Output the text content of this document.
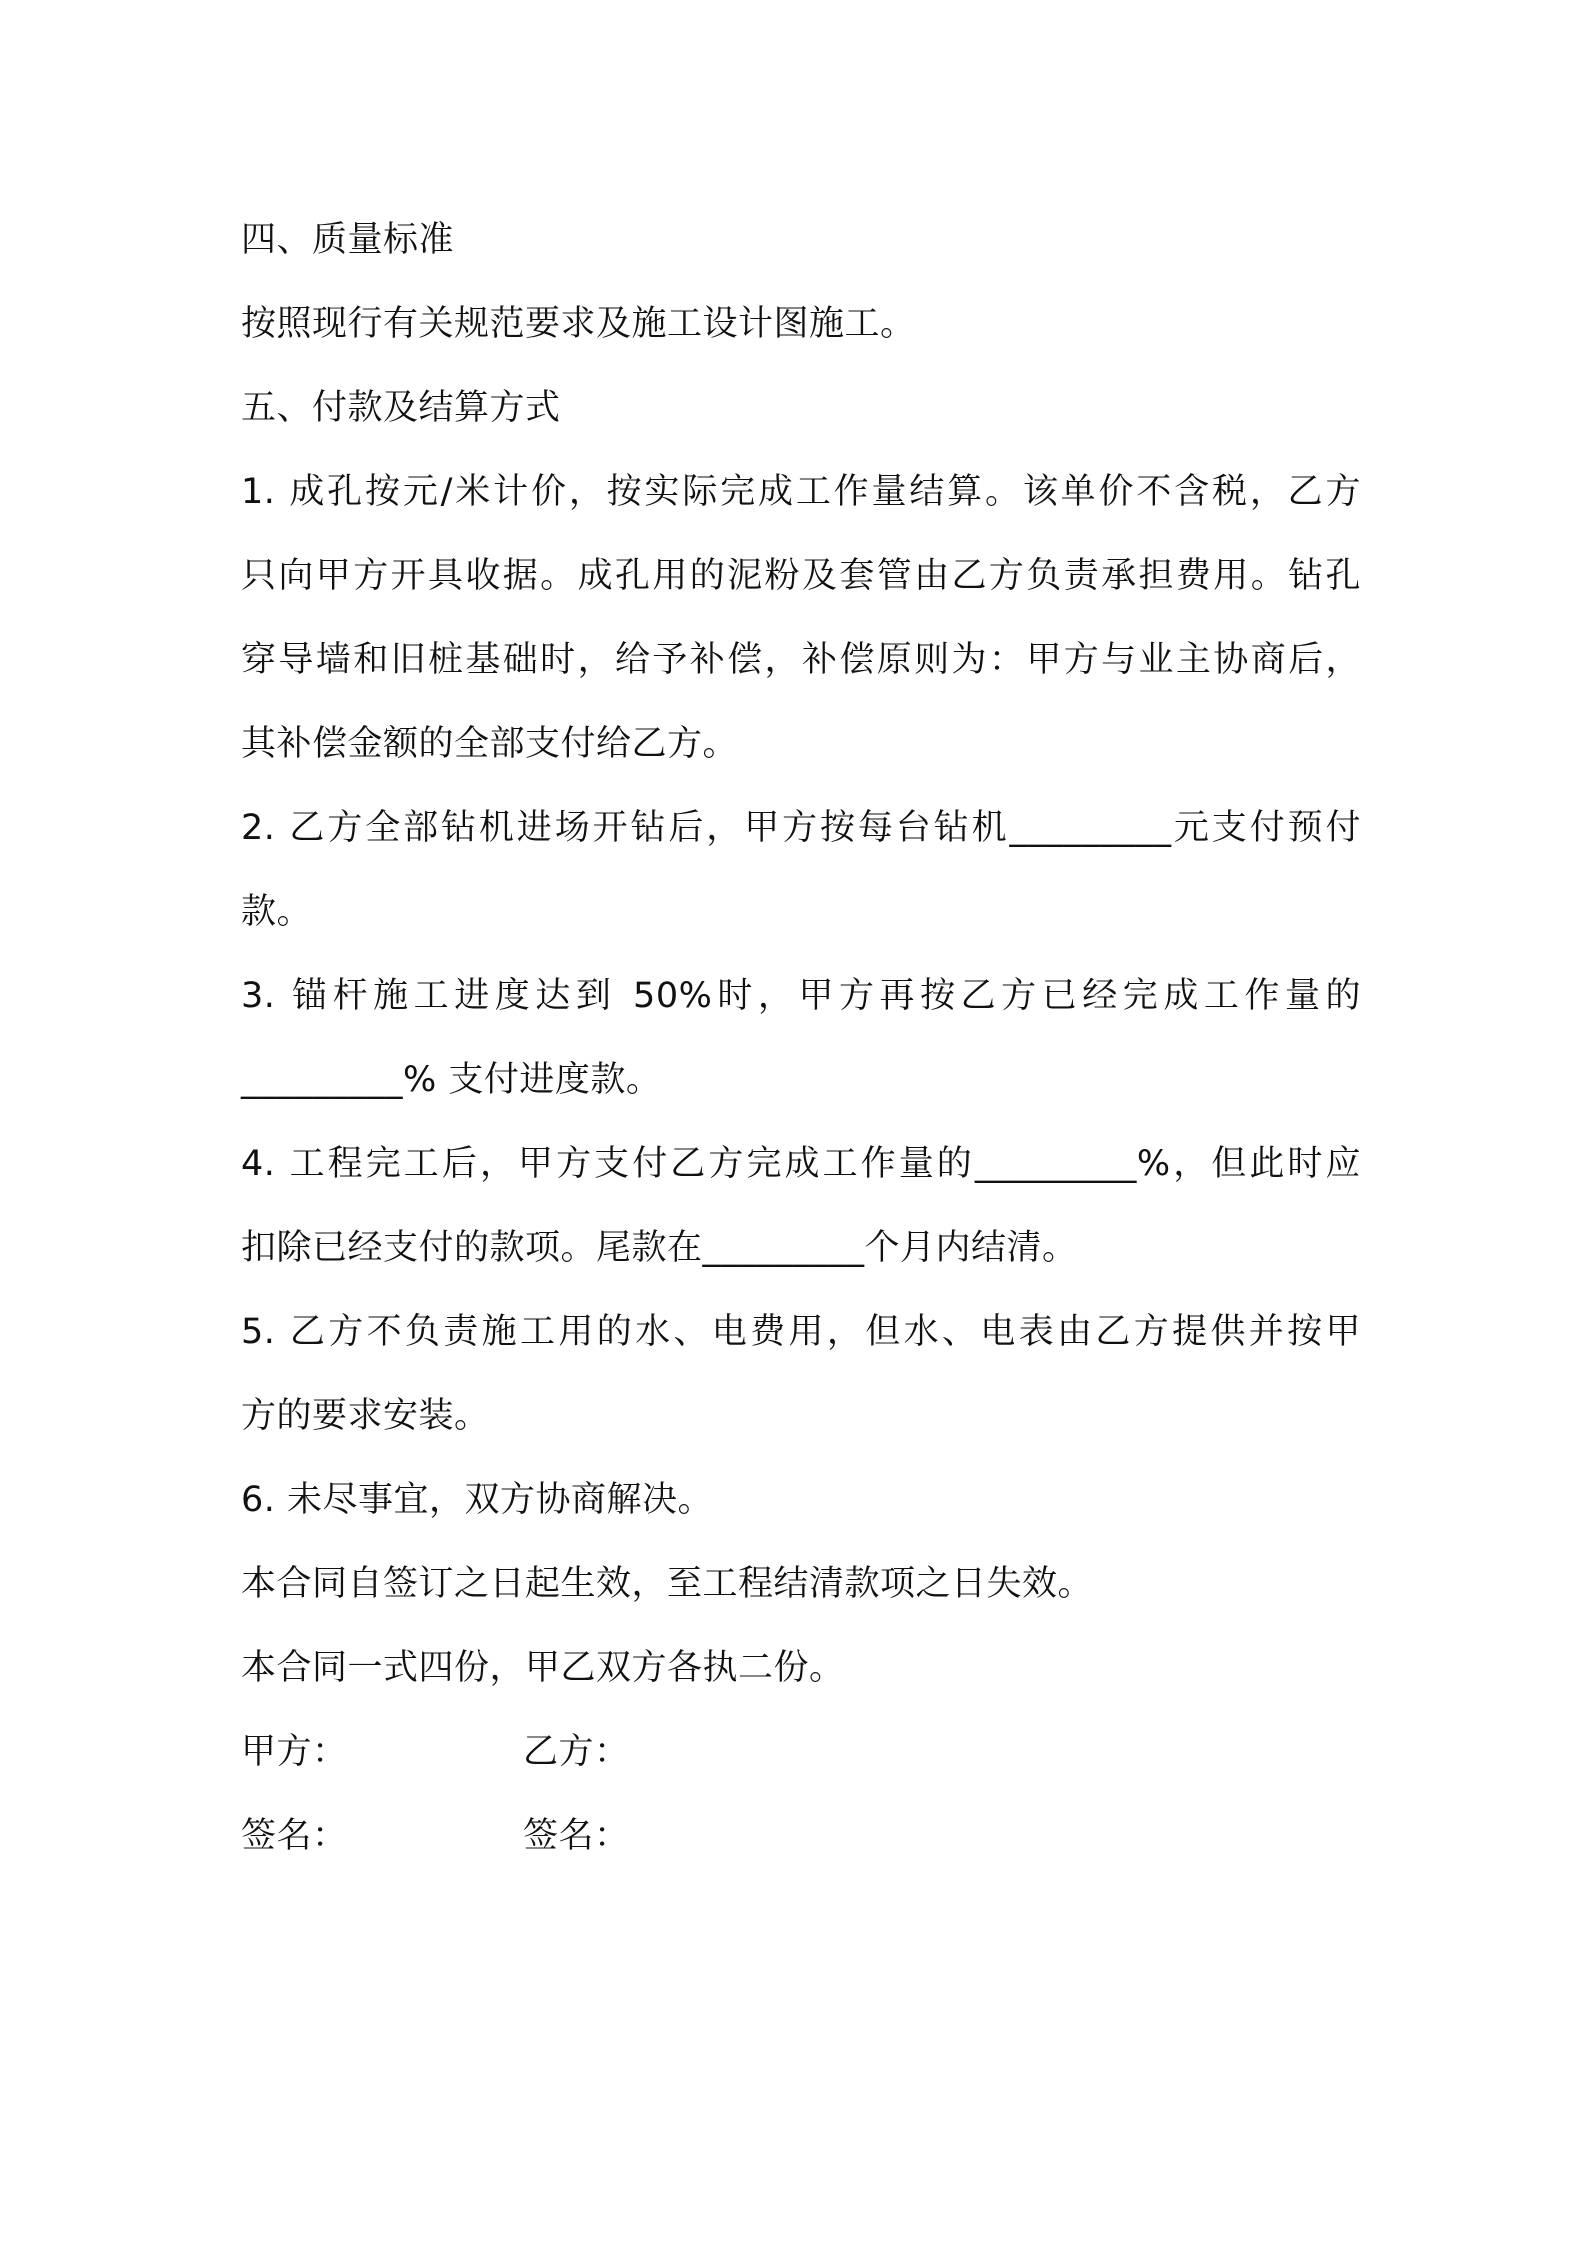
四、质量标准
按照现行有关规范要求及施工设计图施工。
五、付款及结算方式
1. 成孔按元/米计价，按实际完成工作量结算。该单价不含税，乙方
只向甲方开具收据。成孔用的泥粉及套管由乙方负责承担费用。钻孔
穿导墙和旧桩基础时，给予补偿，补偿原则为：甲方与业主协商后，
其补偿金额的全部支付给乙方。
2. 乙方全部钻机进场开钻后，甲方按每台钻机_________元支付预付
款。
3. 锚杆施工进度达到 50%时，甲方再按乙方已经完成工作量的
_________% 支付进度款。
4. 工程完工后，甲方支付乙方完成工作量的_________%，但此时应
扣除已经支付的款项。尾款在_________个月内结清。
5. 乙方不负责施工用的水、电费用，但水、电表由乙方提供并按甲
方的要求安装。
6. 未尽事宜，双方协商解决。
本合同自签订之日起生效，至工程结清款项之日失效。
本合同一式四份，甲乙双方各执二份。
甲方：	乙方：
签名：	签名：
